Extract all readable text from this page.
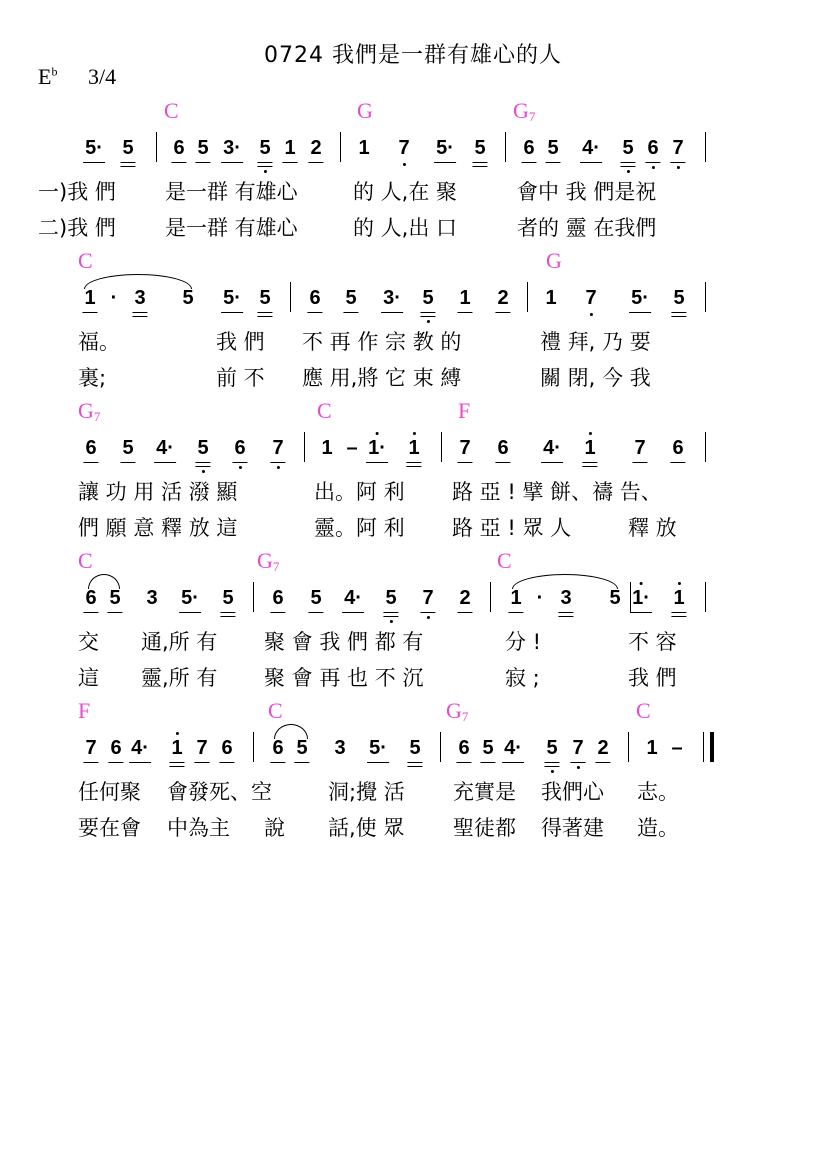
0724 我們是一群有雄心的人
$E^b$ 3/4
C	G	$G_7$
C	G
$G_7$	C	F
C	$G_7$	C
F	C	$G_7$	C
5· 5 6 5 3· 5 1 2 1 7 5· 5 6 5 4· 5 6 7
1 · 3 5 5· 5 6 5 3· 5 1 2 1 7 5· 5
6 5 4· 5 6 7 1 – 1· 1 7 6 4· 1 7 6
6 5 3 5· 5 6 5 4· 5 7 2 1 · 3 5 1· 1
7 6 4· 1 7 6 6 5 3 5· 5 6 5 4· 5 7 2 1 –
一)我 們 是一群 有雄心	的 人,在 聚	會中 我 們是祝
二)我 們 是一群 有雄心	的 人,出 口	者的 靈 在我們
福。	我 們 不 再 作 宗 教 的	禮 拜, 乃 要
裏;	前 不 應 用,將 它 束 縛	關 閉, 今 我
讓 功 用 活 潑 顯	出。阿 利 路 亞 ! 擘 餅、禱 告、
們 願 意 釋 放 這	靈。阿 利 路 亞 ! 眾 人	釋 放
交 通,所 有 聚 會 我 們 都 有	分 !	不 容
這 靈,所 有 聚 會 再 也 不 沉	寂 ;	我 們
任何聚 會發死、空	洞;攪 活 充實是 我們心 志。
要在會 中為主 說 話,使 眾 聖徒都 得著建 造。
